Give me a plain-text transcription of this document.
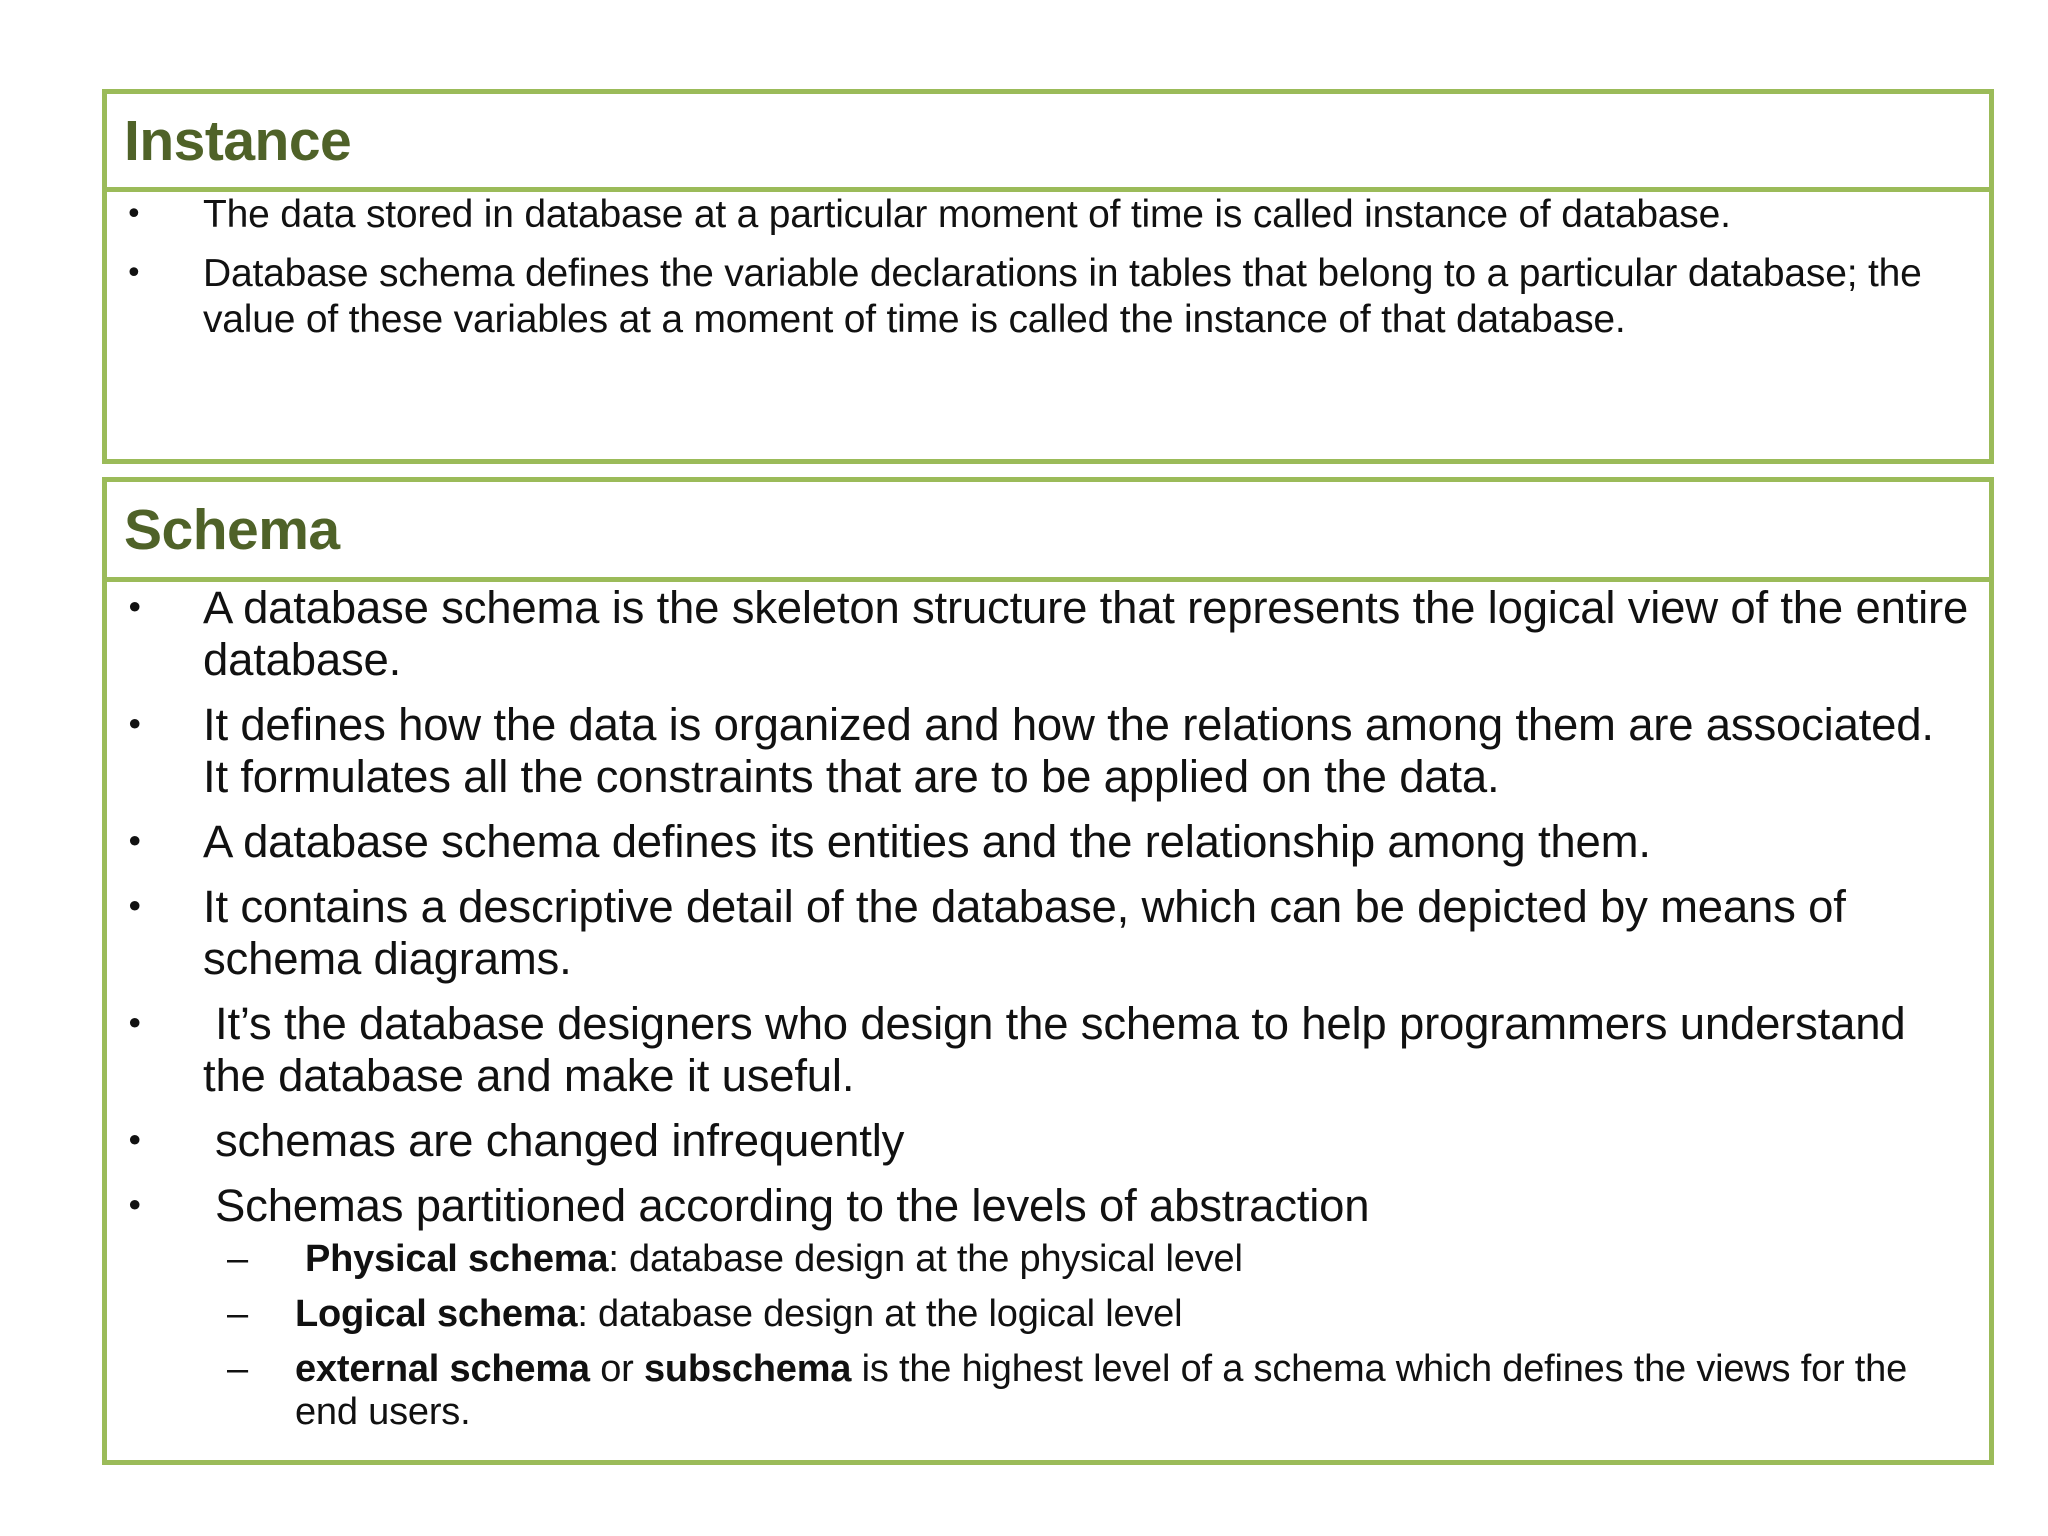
Instance
• The data stored in database at a particular moment of time is called instance of database.
• Database schema defines the variable declarations in tables that belong to a particular database; the value of these variables at a moment of time is called the instance of that database.
Schema
• A database schema is the skeleton structure that represents the logical view of the entire database.
• It defines how the data is organized and how the relations among them are associated. It formulates all the constraints that are to be applied on the data.
• A database schema defines its entities and the relationship among them.
• It contains a descriptive detail of the database, which can be depicted by means of schema diagrams.
• It’s the database designers who design the schema to help programmers understand the database and make it useful.
• schemas are changed infrequently
• Schemas partitioned according to the levels of abstraction
– Physical schema: database design at the physical level
– Logical schema: database design at the logical level
– external schema or subschema is the highest level of a schema which defines the views for the end users.
